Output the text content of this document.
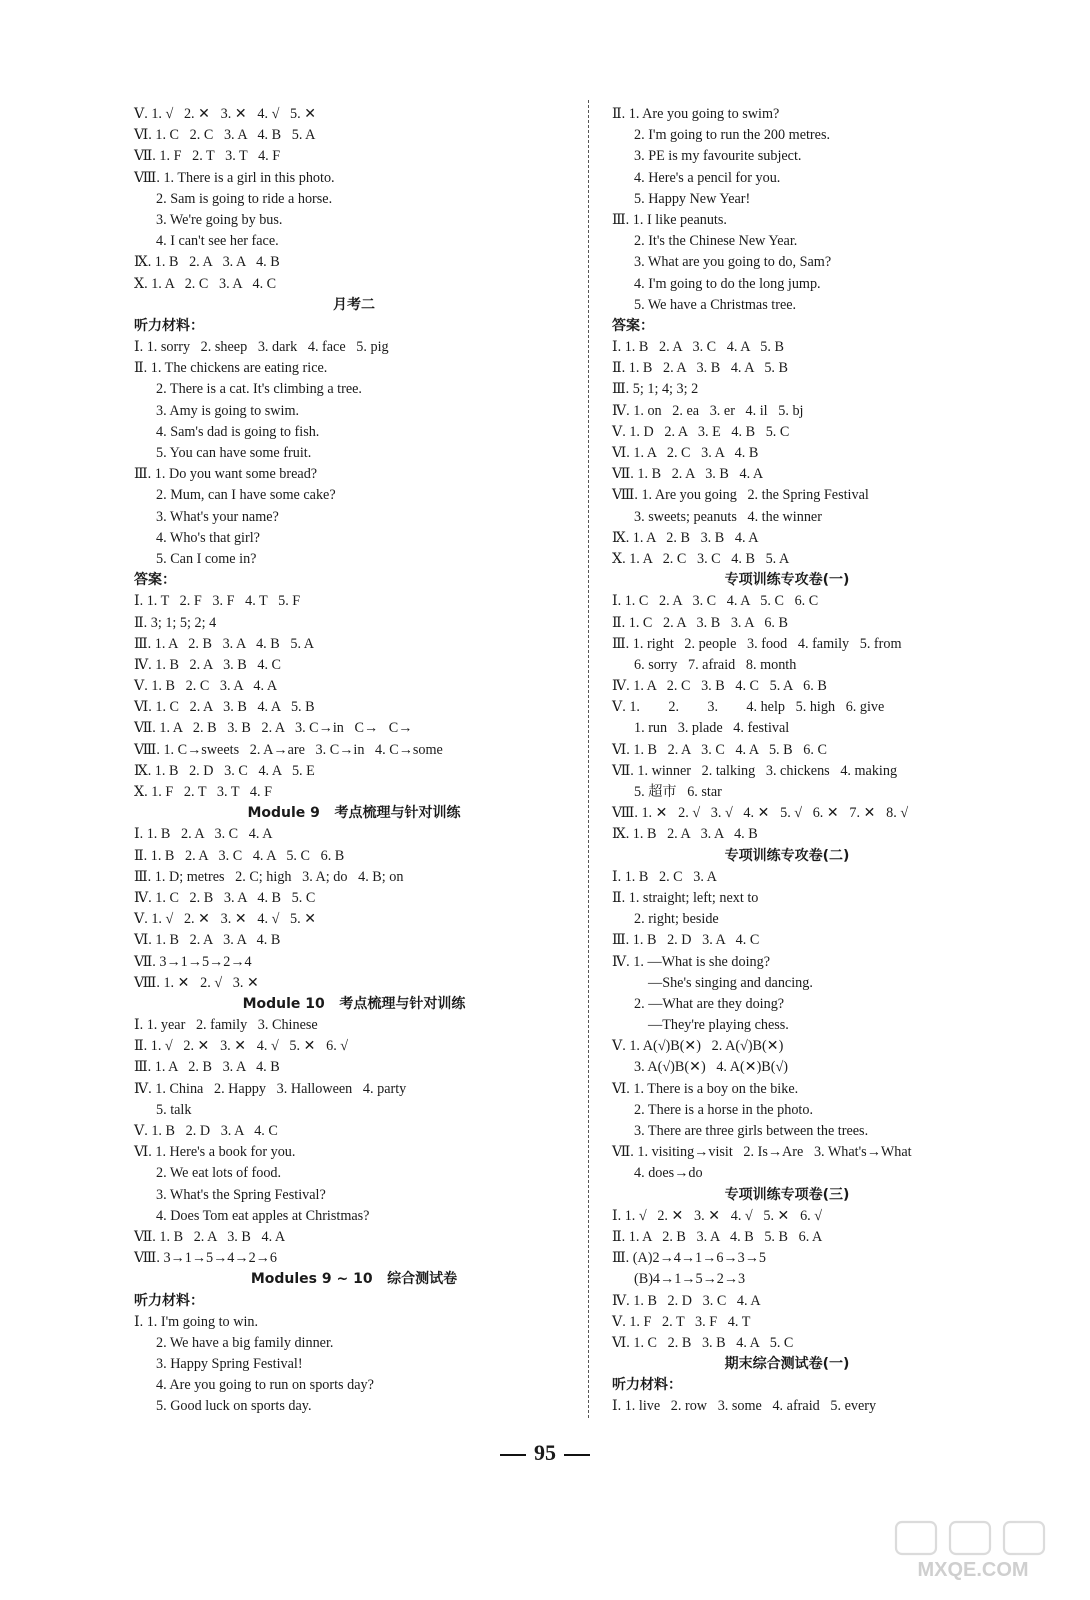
Ⅴ. 1. √   2. ✕   3. ✕   4. √   5. ✕
Ⅵ. 1. C   2. C   3. A   4. B   5. A
Ⅶ. 1. F   2. T   3. T   4. F
Ⅷ. 1. There is a girl in this photo.
2. Sam is going to ride a horse.
3. We're going by bus.
4. I can't see her face.
Ⅸ. 1. B   2. A   3. A   4. B
Ⅹ. 1. A   2. C   3. A   4. C
月考二
听力材料：
Ⅰ. 1. sorry   2. sheep   3. dark   4. face   5. pig
Ⅱ. 1. The chickens are eating rice.
2. There is a cat. It's climbing a tree.
3. Amy is going to swim.
4. Sam's dad is going to fish.
5. You can have some fruit.
Ⅲ. 1. Do you want some bread?
2. Mum, can I have some cake?
3. What's your name?
4. Who's that girl?
5. Can I come in?
答案：
Ⅰ. 1. T   2. F   3. F   4. T   5. F
Ⅱ. 3; 1; 5; 2; 4
Ⅲ. 1. A   2. B   3. A   4. B   5. A
Ⅳ. 1. B   2. A   3. B   4. C
Ⅴ. 1. B   2. C   3. A   4. A
Ⅵ. 1. C   2. A   3. B   4. A   5. B
Ⅶ. 1. A   2. B   3. B   2. A   3. C→in   C→   C→
Ⅷ. 1. C→sweets   2. A→are   3. C→in   4. C→some
Ⅸ. 1. B   2. D   3. C   4. A   5. E
Ⅹ. 1. F   2. T   3. T   4. F
Module 9   考点梳理与针对训练
Ⅰ. 1. B   2. A   3. C   4. A
Ⅱ. 1. B   2. A   3. C   4. A   5. C   6. B
Ⅲ. 1. D; metres   2. C; high   3. A; do   4. B; on
Ⅳ. 1. C   2. B   3. A   4. B   5. C
Ⅴ. 1. √   2. ✕   3. ✕   4. √   5. ✕
Ⅵ. 1. B   2. A   3. A   4. B
Ⅶ. 3→1→5→2→4
Ⅷ. 1. ✕   2. √   3. ✕
Module 10   考点梳理与针对训练
Ⅰ. 1. year   2. family   3. Chinese
Ⅱ. 1. √   2. ✕   3. ✕   4. √   5. ✕   6. √
Ⅲ. 1. A   2. B   3. A   4. B
Ⅳ. 1. China   2. Happy   3. Halloween   4. party
5. talk
Ⅴ. 1. B   2. D   3. A   4. C
Ⅵ. 1. Here's a book for you.
2. We eat lots of food.
3. What's the Spring Festival?
4. Does Tom eat apples at Christmas?
Ⅶ. 1. B   2. A   3. B   4. A
Ⅷ. 3→1→5→4→2→6
Modules 9 ~ 10   综合测试卷
听力材料：
Ⅰ. 1. I'm going to win.
2. We have a big family dinner.
3. Happy Spring Festival!
4. Are you going to run on sports day?
5. Good luck on sports day.
Ⅱ. 1. Are you going to swim?
2. I'm going to run the 200 metres.
3. PE is my favourite subject.
4. Here's a pencil for you.
5. Happy New Year!
Ⅲ. 1. I like peanuts.
2. It's the Chinese New Year.
3. What are you going to do, Sam?
4. I'm going to do the long jump.
5. We have a Christmas tree.
答案：
Ⅰ. 1. B   2. A   3. C   4. A   5. B
Ⅱ. 1. B   2. A   3. B   4. A   5. B
Ⅲ. 5; 1; 4; 3; 2
Ⅳ. 1. on   2. ea   3. er   4. il   5. bj
Ⅴ. 1. D   2. A   3. E   4. B   5. C
Ⅵ. 1. A   2. C   3. A   4. B
Ⅶ. 1. B   2. A   3. B   4. A
Ⅷ. 1. Are you going   2. the Spring Festival
3. sweets; peanuts   4. the winner
Ⅸ. 1. A   2. B   3. B   4. A
Ⅹ. 1. A   2. C   3. C   4. B   5. A
专项训练专攻卷(一)
Ⅰ. 1. C   2. A   3. C   4. A   5. C   6. C
Ⅱ. 1. C   2. A   3. B   3. A   6. B
Ⅲ. 1. right   2. people   3. food   4. family   5. from
6. sorry   7. afraid   8. month
Ⅳ. 1. A   2. C   3. B   4. C   5. A   6. B
Ⅴ. 1.        2.        3.        4. help   5. high   6. give
1. run   3. plade   4. festival
Ⅵ. 1. B   2. A   3. C   4. A   5. B   6. C
Ⅶ. 1. winner   2. talking   3. chickens   4. making
5. 超市   6. star
Ⅷ. 1. ✕   2. √   3. √   4. ✕   5. √   6. ✕   7. ✕   8. √
Ⅸ. 1. B   2. A   3. A   4. B
专项训练专攻卷(二)
Ⅰ. 1. B   2. C   3. A
Ⅱ. 1. straight; left; next to
2. right; beside
Ⅲ. 1. B   2. D   3. A   4. C
Ⅳ. 1. —What is she doing?
—She's singing and dancing.
2. —What are they doing?
—They're playing chess.
Ⅴ. 1. A(√)B(✕)   2. A(√)B(✕)
3. A(√)B(✕)   4. A(✕)B(√)
Ⅵ. 1. There is a boy on the bike.
2. There is a horse in the photo.
3. There are three girls between the trees.
Ⅶ. 1. visiting→visit   2. Is→Are   3. What's→What
4. does→do
专项训练专项卷(三)
Ⅰ. 1. √   2. ✕   3. ✕   4. √   5. ✕   6. √
Ⅱ. 1. A   2. B   3. A   4. B   5. B   6. A
Ⅲ. (A)2→4→1→6→3→5
(B)4→1→5→2→3
Ⅳ. 1. B   2. D   3. C   4. A
Ⅴ. 1. F   2. T   3. F   4. T
Ⅵ. 1. C   2. B   3. B   4. A   5. C
期末综合测试卷(一)
听力材料：
Ⅰ. 1. live   2. row   3. some   4. afraid   5. every
95
MXQE.COM
